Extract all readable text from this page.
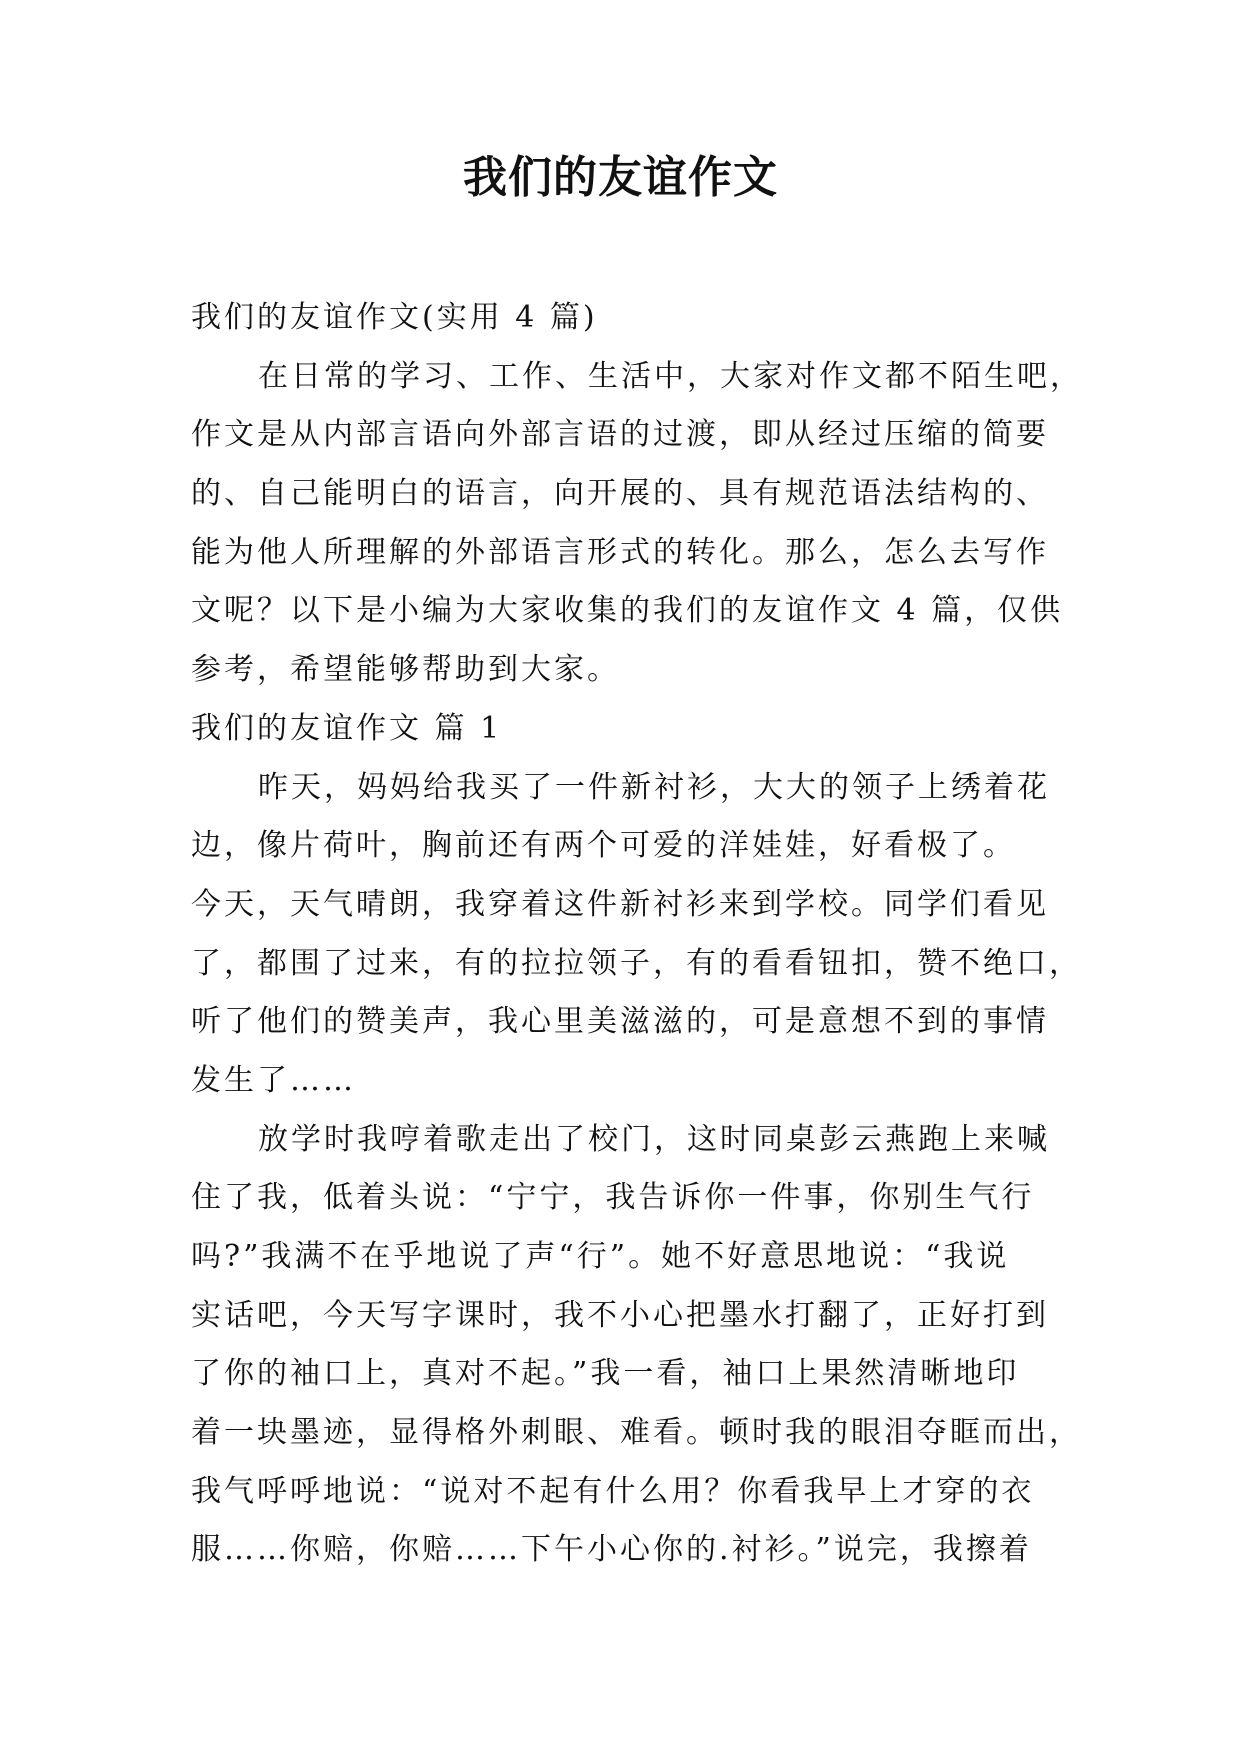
我们的友谊作文
我们的友谊作文(实用 4 篇)
在日常的学习、工作、生活中，大家对作文都不陌生吧，
作文是从内部言语向外部言语的过渡，即从经过压缩的简要
的、自己能明白的语言，向开展的、具有规范语法结构的、
能为他人所理解的外部语言形式的转化。那么，怎么去写作
文呢？以下是小编为大家收集的我们的友谊作文 4 篇，仅供
参考，希望能够帮助到大家。
我们的友谊作文 篇 1
昨天，妈妈给我买了一件新衬衫，大大的领子上绣着花
边，像片荷叶，胸前还有两个可爱的洋娃娃，好看极了。
今天，天气晴朗，我穿着这件新衬衫来到学校。同学们看见
了，都围了过来，有的拉拉领子，有的看看钮扣，赞不绝口，
听了他们的赞美声，我心里美滋滋的，可是意想不到的事情
发生了……
放学时我哼着歌走出了校门，这时同桌彭云燕跑上来喊
住了我，低着头说：“宁宁，我告诉你一件事，你别生气行
吗?”我满不在乎地说了声“行”。她不好意思地说：“我说
实话吧，今天写字课时，我不小心把墨水打翻了，正好打到
了你的袖口上，真对不起。”我一看，袖口上果然清晰地印
着一块墨迹，显得格外刺眼、难看。顿时我的眼泪夺眶而出，
我气呼呼地说：“说对不起有什么用？你看我早上才穿的衣
服……你赔，你赔……下午小心你的.衬衫。”说完，我擦着
